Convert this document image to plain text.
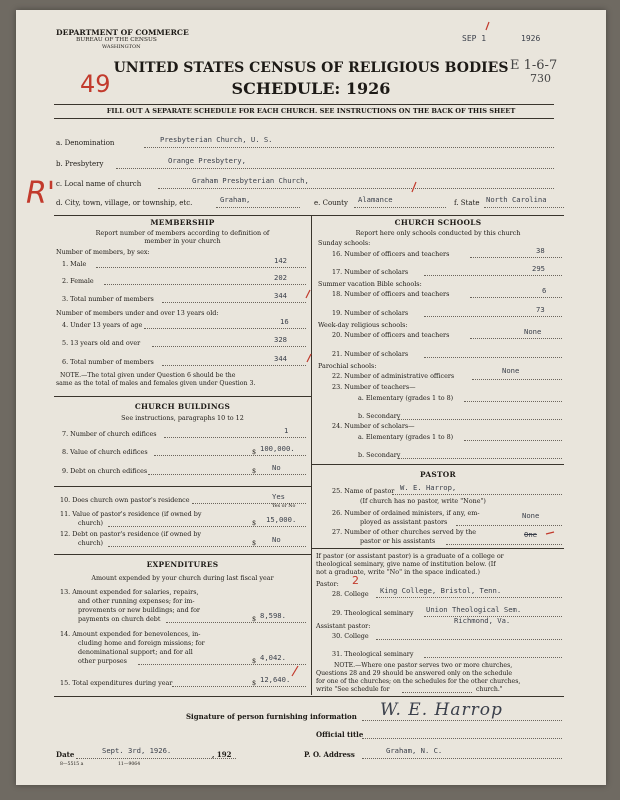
DEPARTMENT OF COMMERCE
BUREAU OF THE CENSUS
WASHINGTON
SEP 1	1926
E 1-6-7
730
49
R'
UNITED STATES CENSUS OF RELIGIOUS BODIES
SCHEDULE: 1926
FILL OUT A SEPARATE SCHEDULE FOR EACH CHURCH. SEE INSTRUCTIONS ON THE BACK OF THIS SHEET
a. Denomination	Presbyterian Church, U. S.
b. Presbytery	Orange Presbytery,
c. Local name of church	Graham Presbyterian Church,
d. City, town, village, or township, etc.	Graham,	e. County Alamance	f. State North Carolina
MEMBERSHIP
Report number of members according to definition of
member in your church
Number of members, by sex:
1. Male	142
2. Female	202
3. Total number of members	344
Number of members under and over 13 years old:
4. Under 13 years of age	16
5. 13 years old and over	328
6. Total number of members	344
NOTE.—The total given under Question 6 should be the
same as the total of males and females given under Question 3.
CHURCH BUILDINGS
See instructions, paragraphs 10 to 12
7. Number of church edifices	1
8. Value of church edifices	$ 100,000.
9. Debt on church edifices	$ No
10. Does church own pastor's residence	Yes
Yes or No
11. Value of pastor's residence (if owned by
church)	$ 15,000.
12. Debt on pastor's residence (if owned by
church)	$ No
EXPENDITURES
Amount expended by your church during last fiscal year
13. Amount expended for salaries, repairs,
and other running expenses; for im-
provements or new buildings; and for
payments on church debt	$ 8,598.
14. Amount expended for benevolences, in-
cluding home and foreign missions; for
denominational support; and for all
other purposes	$ 4,042.
15. Total expenditures during year	$ 12,640.
CHURCH SCHOOLS
Report here only schools conducted by this church
Sunday schools:
16. Number of officers and teachers	38
17. Number of scholars	295
Summer vacation Bible schools:
18. Number of officers and teachers	6
19. Number of scholars	73
Week-day religious schools:
20. Number of officers and teachers	None
21. Number of scholars
Parochial schools:
22. Number of administrative officers
None
23. Number of teachers—
a. Elementary (grades 1 to 8)
b. Secondary
24. Number of scholars—
a. Elementary (grades 1 to 8)
b. Secondary
PASTOR
25. Name of pastor W. E. Harrop,
(If church has no pastor, write "None")
26. Number of ordained ministers, if any, em-
ployed as assistant pastors
None
27. Number of other churches served by the
pastor or his assistants
One
If pastor (or assistant pastor) is a graduate of a college or
theological seminary, give name of institution below. (If
not a graduate, write "No" in the space indicated.)
Pastor: 2
28. College King College, Bristol, Tenn.
29. Theological seminary Union Theological Sem.
Richmond, Va.
Assistant pastor:
30. College
31. Theological seminary
NOTE.—Where one pastor serves two or more churches,
Questions 28 and 29 should be answered only on the schedule
for one of the churches; on the schedules for the other churches,
write "See schedule for	church."
Signature of person furnishing information W. E. Harrop
Official title
Date	Sept. 3rd, 1926.	, 192	P. O. Address	Graham, N. C.
8—5515 a	11—9064
